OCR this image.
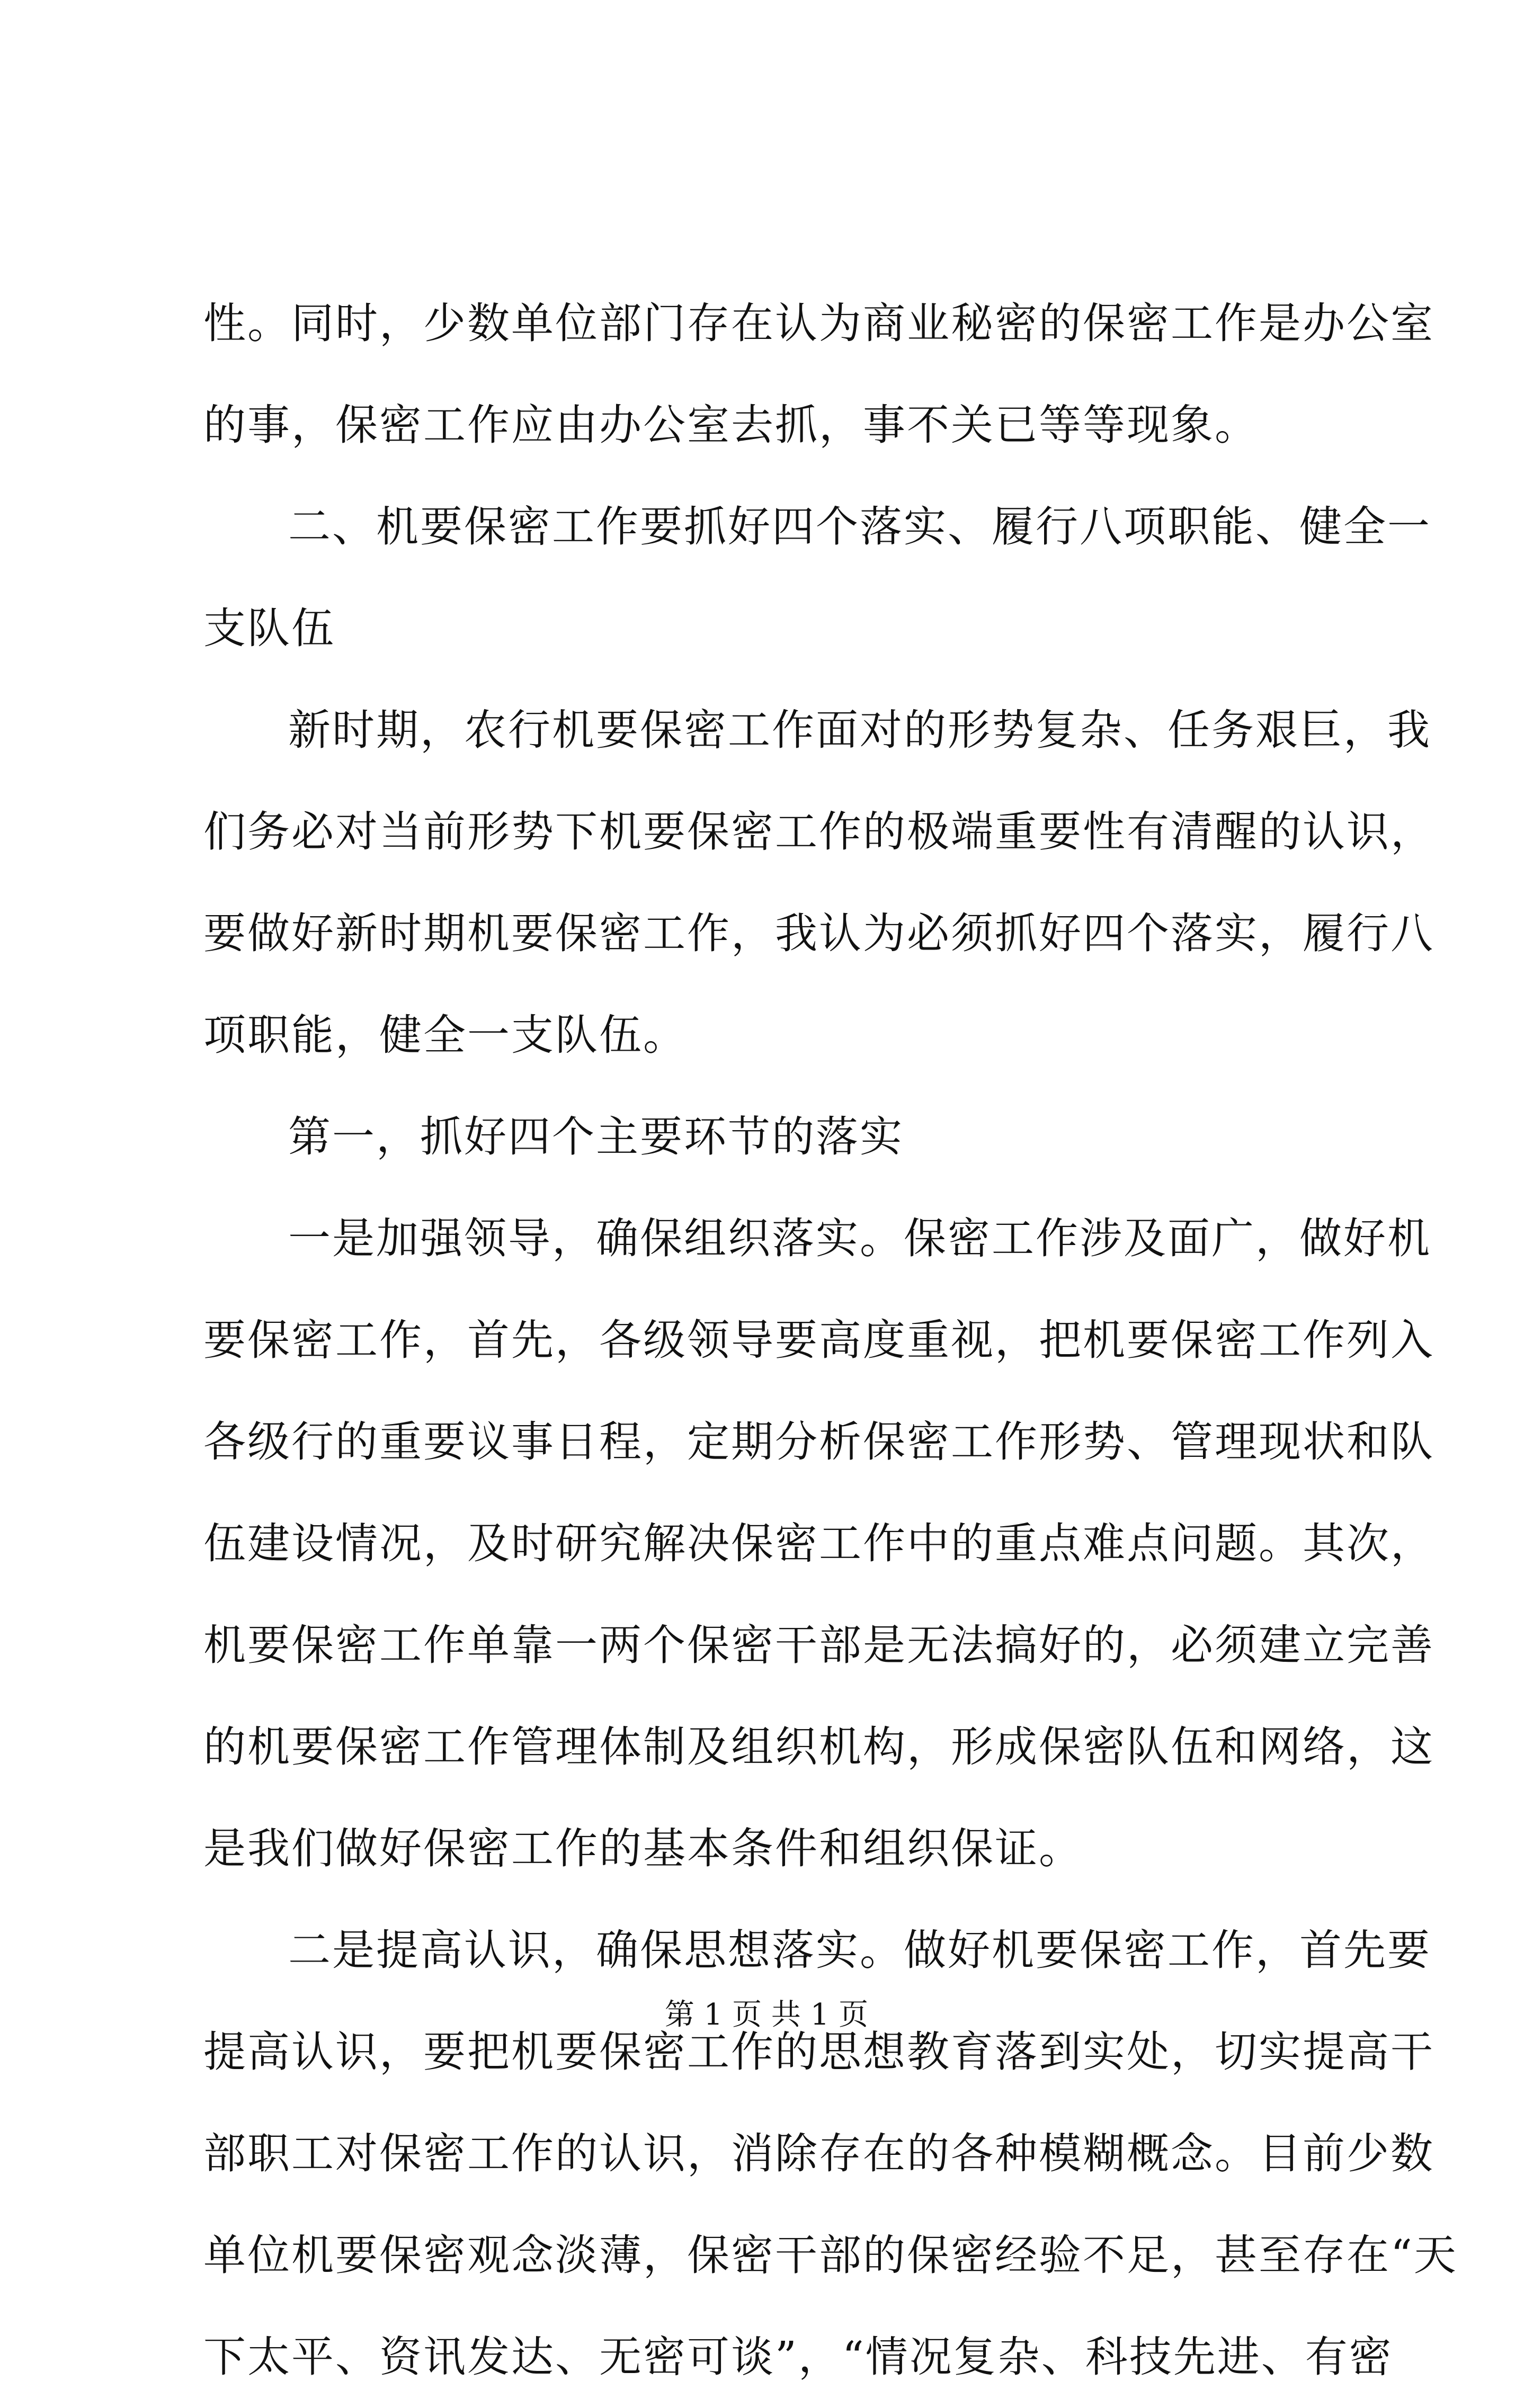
性。同时，少数单位部门存在认为商业秘密的保密工作是办公室
的事，保密工作应由办公室去抓，事不关已等等现象。
二、机要保密工作要抓好四个落实、履行八项职能、健全一
支队伍
新时期，农行机要保密工作面对的形势复杂、任务艰巨，我
们务必对当前形势下机要保密工作的极端重要性有清醒的认识，
要做好新时期机要保密工作，我认为必须抓好四个落实，履行八
项职能，健全一支队伍。
第一，抓好四个主要环节的落实
一是加强领导，确保组织落实。保密工作涉及面广，做好机
要保密工作，首先，各级领导要高度重视，把机要保密工作列入
各级行的重要议事日程，定期分析保密工作形势、管理现状和队
伍建设情况，及时研究解决保密工作中的重点难点问题。其次，
机要保密工作单靠一两个保密干部是无法搞好的，必须建立完善
的机要保密工作管理体制及组织机构，形成保密队伍和网络，这
是我们做好保密工作的基本条件和组织保证。
二是提高认识，确保思想落实。做好机要保密工作，首先要
提高认识，要把机要保密工作的思想教育落到实处，切实提高干
部职工对保密工作的认识，消除存在的各种模糊概念。目前少数
单位机要保密观念淡薄，保密干部的保密经验不足，甚至存在“天
下太平、资讯发达、无密可谈”，“情况复杂、科技先进、有密
第 1 页 共 1 页
